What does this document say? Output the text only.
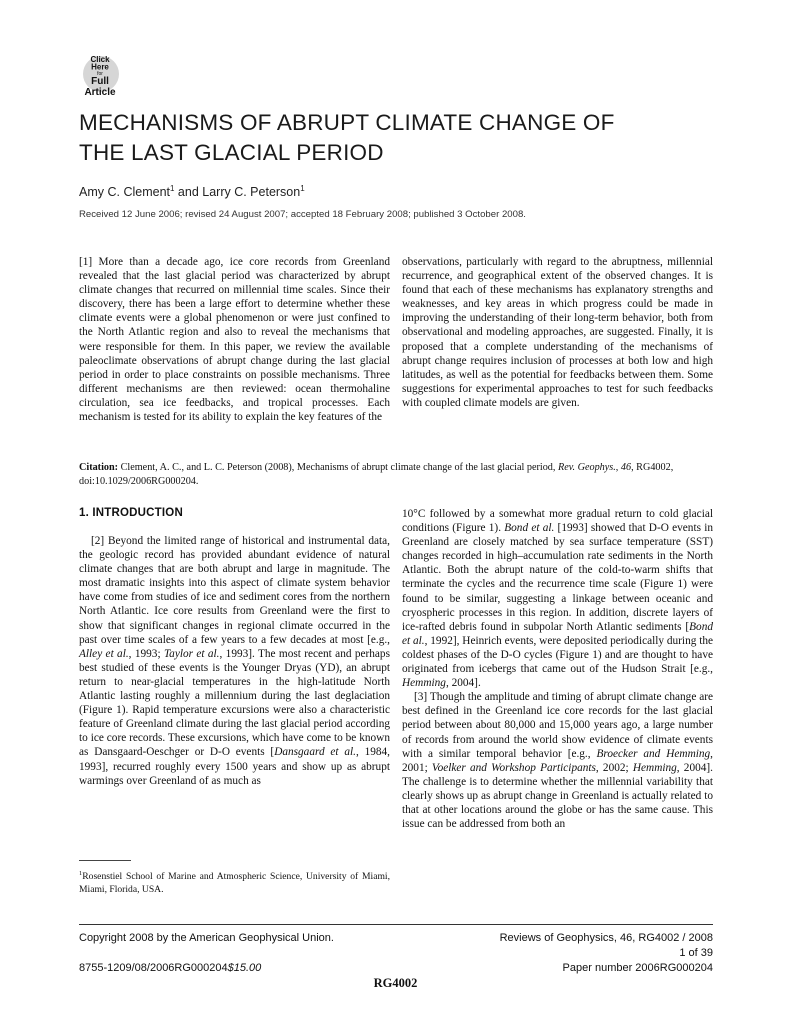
Click
Here
for
Full
Article
MECHANISMS OF ABRUPT CLIMATE CHANGE OF
THE LAST GLACIAL PERIOD
Amy C. Clement$^1$ and Larry C. Peterson$^1$
Received 12 June 2006; revised 24 August 2007; accepted 18 February 2008; published 3 October 2008.

[1] More than a decade ago, ice core records from Greenland revealed that the last glacial period was characterized by abrupt climate changes that recurred on millennial time scales. Since their discovery, there has been a large effort to determine whether these climate events were a global phenomenon or were just confined to the North Atlantic region and also to reveal the mechanisms that were responsible for them. In this paper, we review the available paleoclimate observations of abrupt change during the last glacial period in order to place constraints on possible mechanisms. Three different mechanisms are then reviewed: ocean thermohaline circulation, sea ice feedbacks, and tropical processes. Each mechanism is tested for its ability to explain the key features of the

observations, particularly with regard to the abruptness, millennial recurrence, and geographical extent of the observed changes. It is found that each of these mechanisms has explanatory strengths and weaknesses, and key areas in which progress could be made in improving the understanding of their long-term behavior, both from observational and modeling approaches, are suggested. Finally, it is proposed that a complete understanding of the mechanisms of abrupt change requires inclusion of processes at both low and high latitudes, as well as the potential for feedbacks between them. Some suggestions for experimental approaches to test for such feedbacks with coupled climate models are given.

Citation: Clement, A. C., and L. C. Peterson (2008), Mechanisms of abrupt climate change of the last glacial period, Rev. Geophys., 46, RG4002, doi:10.1029/2006RG000204.
1. INTRODUCTION

[2] Beyond the limited range of historical and instrumental data, the geologic record has provided abundant evidence of natural climate changes that are both abrupt and large in magnitude. The most dramatic insights into this aspect of climate system behavior have come from studies of ice and sediment cores from the northern North Atlantic. Ice core results from Greenland were the first to show that significant changes in regional climate occurred in the past over time scales of a few years to a few decades at most [e.g., Alley et al., 1993; Taylor et al., 1993]. The most recent and perhaps best studied of these events is the Younger Dryas (YD), an abrupt return to near-glacial temperatures in the high-latitude North Atlantic lasting roughly a millennium during the last deglaciation (Figure 1). Rapid temperature excursions were also a characteristic feature of Greenland climate during the last glacial period according to ice core records. These excursions, which have come to be known as Dansgaard-Oeschger or D-O events [Dansgaard et al., 1984, 1993], recurred roughly every 1500 years and show up as abrupt warmings over Greenland of as much as

10°C followed by a somewhat more gradual return to cold glacial conditions (Figure 1). Bond et al. [1993] showed that D-O events in Greenland are closely matched by sea surface temperature (SST) changes recorded in high–accumulation rate sediments in the North Atlantic. Both the abrupt nature of the cold-to-warm shifts that terminate the cycles and the recurrence time scale (Figure 1) were found to be similar, suggesting a linkage between oceanic and cryospheric processes in this region. In addition, discrete layers of ice-rafted debris found in subpolar North Atlantic sediments [Bond et al., 1992], Heinrich events, were deposited periodically during the coldest phases of the D-O cycles (Figure 1) and are thought to have originated from icebergs that came out of the Hudson Strait [e.g., Hemming, 2004].

[3] Though the amplitude and timing of abrupt climate change are best defined in the Greenland ice core records for the last glacial period between about 80,000 and 15,000 years ago, a large number of records from around the world show evidence of climate events with a similar temporal behavior [e.g., Broecker and Hemming, 2001; Voelker and Workshop Participants, 2002; Hemming, 2004]. The challenge is to determine whether the millennial variability that clearly shows up as abrupt change in Greenland is actually related to that at other locations around the globe or has the same cause. This issue can be addressed from both an

$^1$Rosenstiel School of Marine and Atmospheric Science, University of Miami, Miami, Florida, USA.
Copyright 2008 by the American Geophysical Union.	Reviews of Geophysics, 46, RG4002 / 2008
1 of 39
8755-1209/08/2006RG000204$15.00	Paper number 2006RG000204
RG4002
